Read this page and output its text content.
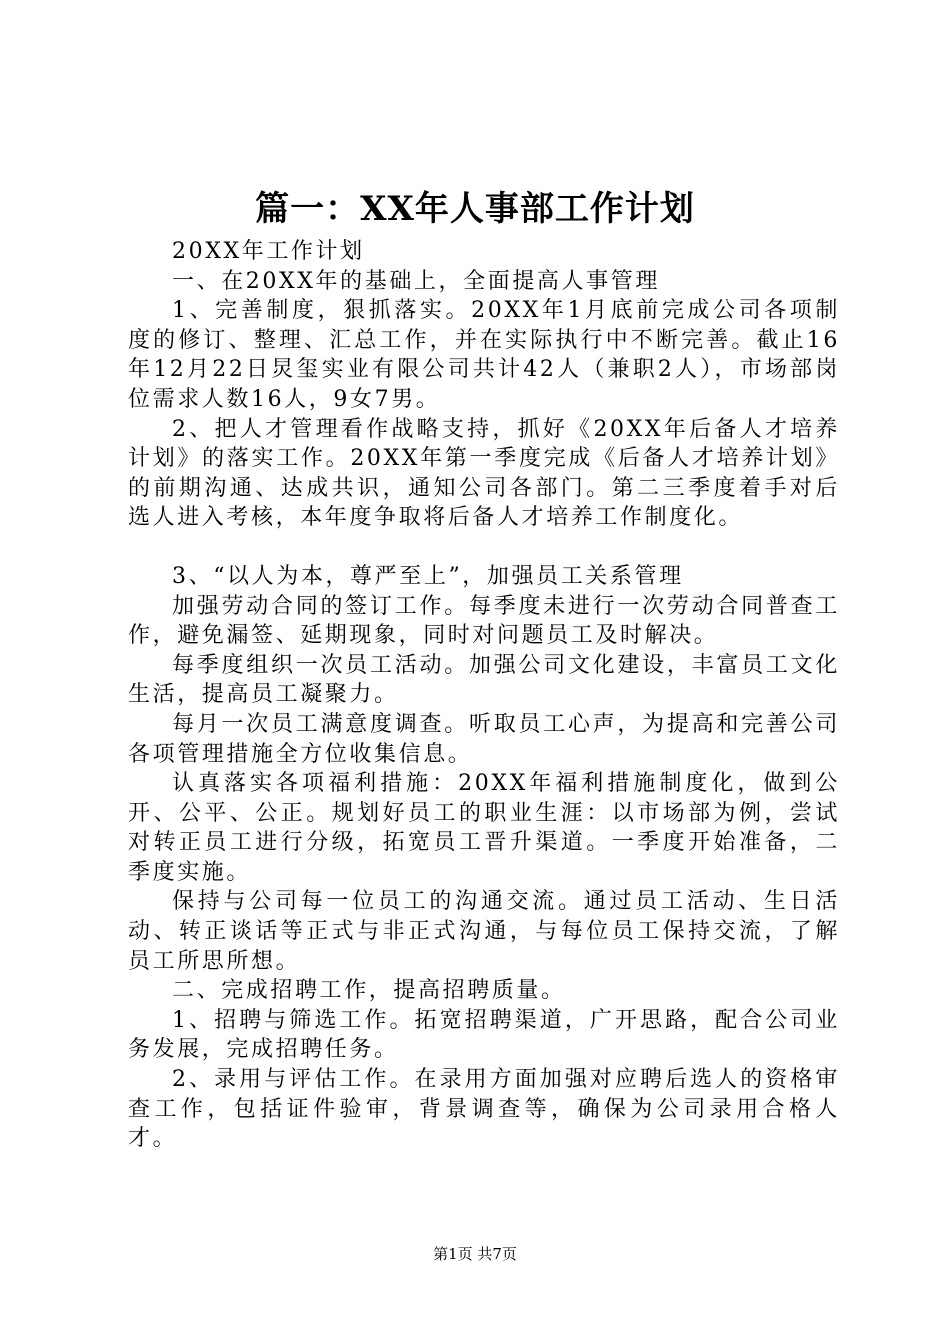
篇一：XX年人事部工作计划

20XX年工作计划

一、在20XX年的基础上，全面提高人事管理

1、完善制度，狠抓落实。20XX年1月底前完成公司各项制度的修订、整理、汇总工作，并在实际执行中不断完善。截止16年12月22日炅玺实业有限公司共计42人（兼职2人），市场部岗位需求人数16人，9女7男。

2、把人才管理看作战略支持，抓好《20XX年后备人才培养计划》的落实工作。20XX年第一季度完成《后备人才培养计划》的前期沟通、达成共识，通知公司各部门。第二三季度着手对后选人进入考核，本年度争取将后备人才培养工作制度化。

3、“以人为本，尊严至上”，加强员工关系管理

加强劳动合同的签订工作。每季度未进行一次劳动合同普查工作，避免漏签、延期现象，同时对问题员工及时解决。

每季度组织一次员工活动。加强公司文化建设，丰富员工文化生活，提高员工凝聚力。

每月一次员工满意度调查。听取员工心声，为提高和完善公司各项管理措施全方位收集信息。

认真落实各项福利措施：20XX年福利措施制度化，做到公开、公平、公正。规划好员工的职业生涯：以市场部为例，尝试对转正员工进行分级，拓宽员工晋升渠道。一季度开始准备，二季度实施。

保持与公司每一位员工的沟通交流。通过员工活动、生日活动、转正谈话等正式与非正式沟通，与每位员工保持交流，了解员工所思所想。

二、完成招聘工作，提高招聘质量。

1、招聘与筛选工作。拓宽招聘渠道，广开思路，配合公司业务发展，完成招聘任务。

2、录用与评估工作。在录用方面加强对应聘后选人的资格审查工作，包括证件验审，背景调查等，确保为公司录用合格人才。

第1页 共7页
